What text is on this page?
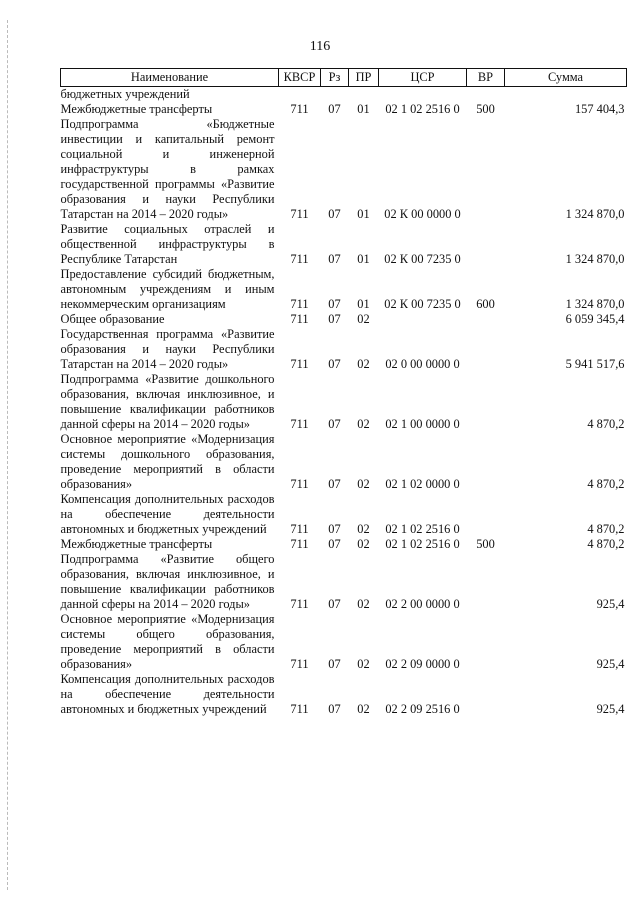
116
Наименование	КВСР	Рз	ПР	ЦСР	ВР	Сумма
бюджетных учреждений						
Межбюджетные трансферты	711	07	01	02 1 02 2516 0	500	157 404,3
Подпрограмма «Бюджетные инвестиции и капитальный ремонт социальной и инженерной инфраструктуры в рамках государственной программы «Развитие образования и науки Республики Татарстан на 2014 – 2020 годы»	711	07	01	02 К 00 0000 0		1 324 870,0
Развитие социальных отраслей и общественной инфраструктуры в Республике Татарстан	711	07	01	02 К 00 7235 0		1 324 870,0
Предоставление субсидий бюджетным, автономным учреждениям и иным некоммерческим организациям	711	07	01	02 К 00 7235 0	600	1 324 870,0
Общее образование	711	07	02			6 059 345,4
Государственная программа «Развитие образования и науки Республики Татарстан на 2014 – 2020 годы»	711	07	02	02 0 00 0000 0		5 941 517,6
Подпрограмма «Развитие дошкольного образования, включая инклюзивное, и повышение квалификации работников данной сферы на 2014 – 2020 годы»	711	07	02	02 1 00 0000 0		4 870,2
Основное мероприятие «Модернизация системы дошкольного образования, проведение мероприятий в области образования»	711	07	02	02 1 02 0000 0		4 870,2
Компенсация дополнительных расходов на обеспечение деятельности автономных и бюджетных учреждений	711	07	02	02 1 02 2516 0		4 870,2
Межбюджетные трансферты	711	07	02	02 1 02 2516 0	500	4 870,2
Подпрограмма «Развитие общего образования, включая инклюзивное, и повышение квалификации работников данной сферы на 2014 – 2020 годы»	711	07	02	02 2 00 0000 0		925,4
Основное мероприятие «Модернизация системы общего образования, проведение мероприятий в области образования»	711	07	02	02 2 09 0000 0		925,4
Компенсация дополнительных расходов на обеспечение деятельности автономных и бюджетных учреждений	711	07	02	02 2 09 2516 0		925,4
